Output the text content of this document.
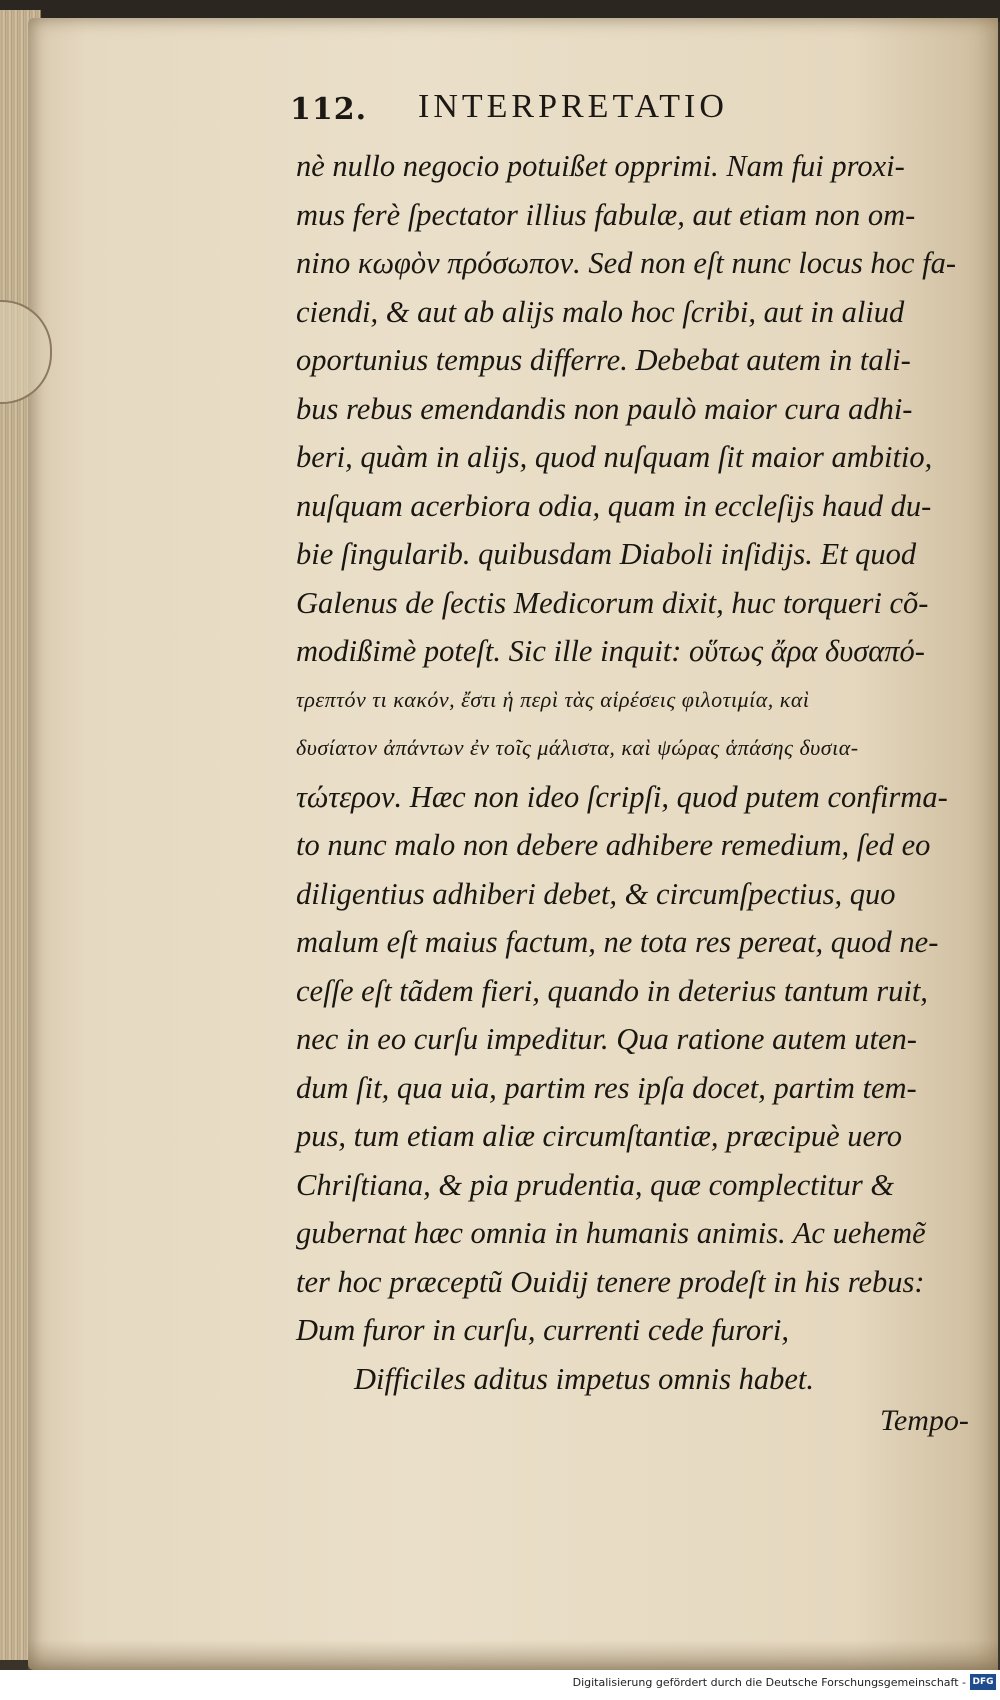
112. INTERPRETATIO
nè nullo negocio potuißet opprimi. Nam fui proxi-
mus ferè ſpectator illius fabulæ, aut etiam non om-
nino κωφὸν πρόσωπον. Sed non eſt nunc locus hoc fa-
ciendi, & aut ab alijs malo hoc ſcribi, aut in aliud
oportunius tempus differre. Debebat autem in tali-
bus rebus emendandis non paulò maior cura adhi-
beri, quàm in alijs, quod nuſquam ſit maior ambitio,
nuſquam acerbiora odia, quam in eccleſijs haud du-
bie ſingularib. quibusdam Diaboli inſidijs. Et quod
Galenus de ſectis Medicorum dixit, huc torqueri cõ-
modißimè poteſt. Sic ille inquit: οὕτως ἄρα δυσαπό-
τρεπτόν τι κακόν, ἔστι ἡ περὶ τὰς αἱρέσεις φιλοτιμία, καὶ
δυσίατον ἀπάντων ἐν τοῖς μάλιστα, καὶ ψώρας ἁπάσης δυσια-
τώτερον. Hæc non ideo ſcripſi, quod putem confirma-
to nunc malo non debere adhibere remedium, ſed eo
diligentius adhiberi debet, & circumſpectius, quo
malum eſt maius factum, ne tota res pereat, quod ne-
ceſſe eſt tãdem fieri, quando in deterius tantum ruit,
nec in eo curſu impeditur. Qua ratione autem uten-
dum ſit, qua uia, partim res ipſa docet, partim tem-
pus, tum etiam aliæ circumſtantiæ, præcipuè uero
Chriſtiana, & pia prudentia, quæ complectitur &
gubernat hæc omnia in humanis animis. Ac uehemẽ
ter hoc præceptũ Ouidij tenere prodeſt in his rebus:
Dum furor in curſu, currenti cede furori,
Difficiles aditus impetus omnis habet.
Tempo-
Digitalisierung gefördert durch die Deutsche Forschungsgemeinschaft - DFG
